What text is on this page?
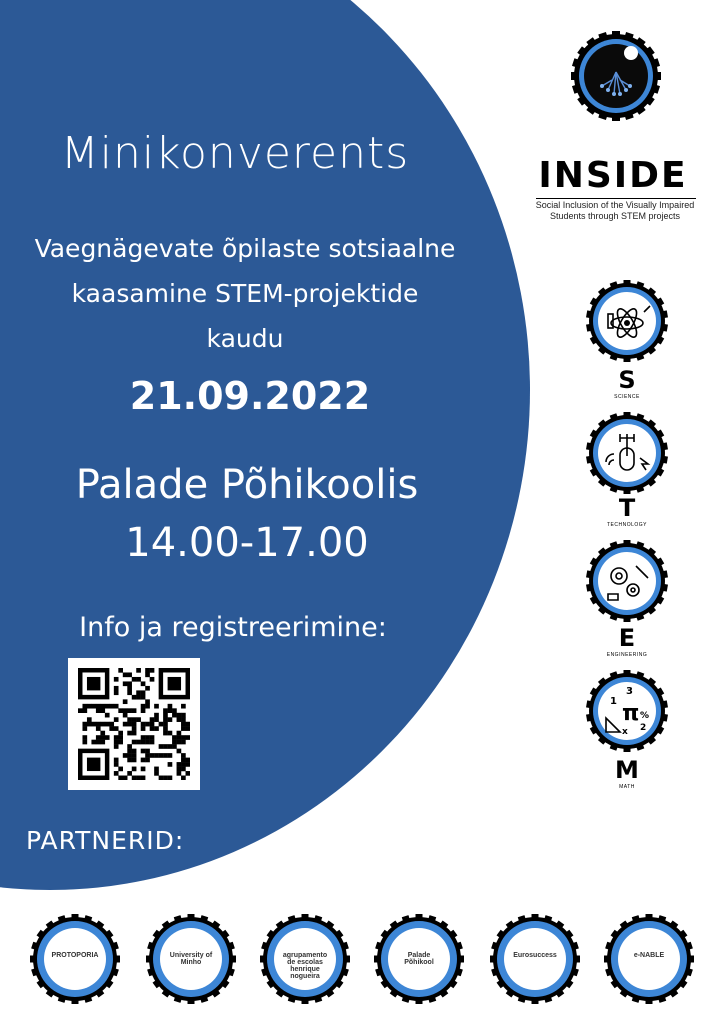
Minikonverents
Vaegnägevate õpilaste sotsiaalne
kaasamine STEM-projektide
kaudu
21.09.2022
Palade Põhikoolis
14.00-17.00
Info ja registreerimine:
PARTNERID:
INSIDE
Social Inclusion of the Visually Impaired
Students through STEM projects
S
SCIENCE
T
TECHNOLOGY
E
ENGINEERING
π
1
3
%
2
x
M
MATH
PROTOPORIA	University of Minho
agrupamento de escolas henrique nogueira
Palade Põhikool
Eurosuccess	e-NABLE
